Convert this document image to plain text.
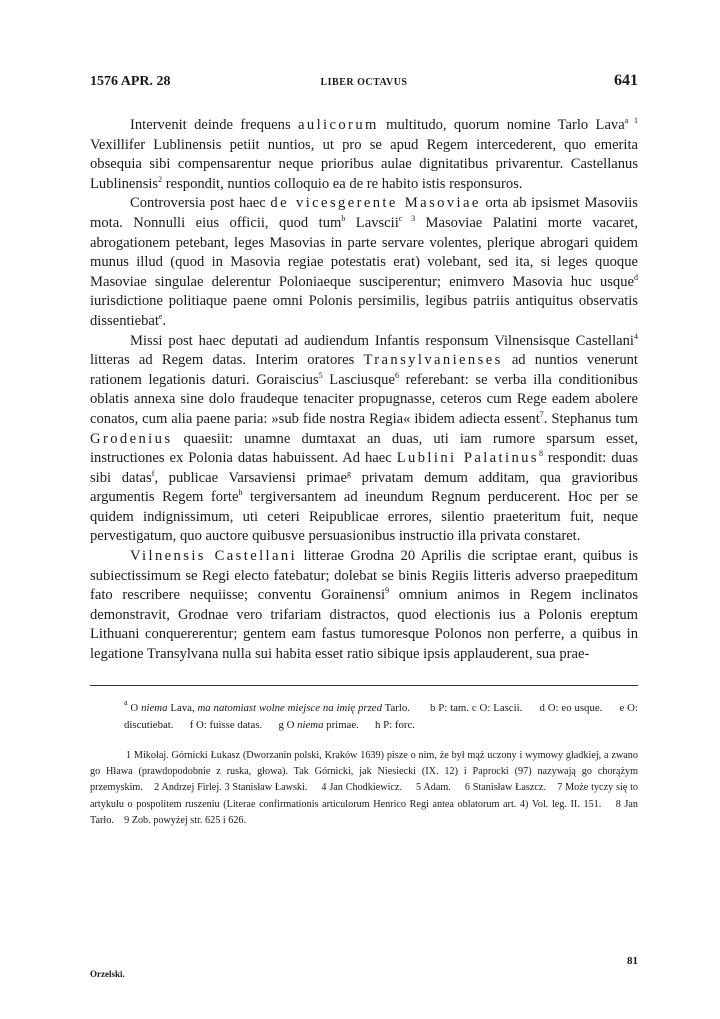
1576 APR. 28	LIBER OCTAVUS	641

Intervenit deinde frequens aulicorum multitudo, quorum nomine Tarlo Lava$^{a 1}$ Vexillifer Lublinensis petiit nuntios, ut pro se apud Regem intercederent, quo emerita obsequia sibi compensarentur neque prioribus aulae dignitatibus privarentur. Castellanus Lublinensis$^2$ respondit, nuntios colloquio ea de re habito istis responsuros.

Controversia post haec de vicesgerente Masoviae orta ab ipsismet Masoviis mota. Nonnulli eius officii, quod tum$^b$ Lavscii$^{c 3}$ Masoviae Palatini morte vacaret, abrogationem petebant, leges Masovias in parte servare volentes, plerique abrogari quidem munus illud (quod in Masovia regiae potestatis erat) volebant, sed ita, si leges quoque Masoviae singulae delerentur Poloniaeque susciperentur; enimvero Masovia huc usque$^d$ iurisdictione politiaque paene omni Polonis persimilis, legibus patriis antiquitus observatis dissentiebat$^e$.

Missi post haec deputati ad audiendum Infantis responsum Vilnensisque Castellani$^4$ litteras ad Regem datas. Interim oratores Transylvanienses ad nuntios venerunt rationem legationis daturi. Goraiscius$^5$ Lasciusque$^6$ referebant: se verba illa conditionibus oblatis annexa sine dolo fraudeque tenaciter propugnasse, ceteros cum Rege eadem abolere conatos, cum alia paene paria: »sub fide nostra Regia« ibidem adiecta essent$^7$. Stephanus tum Grodenius quaesiit: unamne dumtaxat an duas, uti iam rumore sparsum esset, instructiones ex Polonia datas habuissent. Ad haec Lublini Palatinus$^8$ respondit: duas sibi datas$^f$, publicae Varsaviensi primae$^g$ privatam demum additam, qua gravioribus argumentis Regem forte$^h$ tergiversantem ad ineundum Regnum perducerent. Hoc per se quidem indignissimum, uti ceteri Reipublicae errores, silentio praeteritum fuit, neque pervestigatum, quo auctore quibusve persuasionibus instructio illa privata constaret.

Vilnensis Castellani litterae Grodna 20 Aprilis die scriptae erant, quibus is subiectissimum se Regi electo fatebatur; dolebat se binis Regiis litteris adverso praepeditum fato rescribere nequiisse; conventu Gorainensi$^9$ omnium animos in Regem inclinatos demonstravit, Grodnae vero trifariam distractos, quod electionis ius a Polonis ereptum Lithuani conquererentur; gentem eam fastus tumoresque Polonos non perferre, a quibus in legatione Transylvana nulla sui habita esset ratio sibique ipsis applauderent, sua prae-

$^a$ O niema Lava, ma natomiast wolne miejsce na imię przed Tarlo. b P: tam. c O: Lascii. d O: eo usque. e O: discutiebat. f O: fuisse datas. g O niema primae. h P: forc.

1 Mikołaj. Górnicki Łukasz (Dworzanin polski, Kraków 1639) pisze o nim, że był mąż uczony i wymowy gładkiej, a zwano go Hława (prawdopodobnie z ruska, głowa). Tak Górnicki, jak Niesiecki (IX. 12) i Paprocki (97) nazywają go chorążym przemyskim. 2 Andrzej Firlej. 3 Stanisław Ławski. 4 Jan Chodkiewicz. 5 Adam. 6 Stanisław Łaszcz. 7 Może tyczy się to artykułu o pospolitem ruszeniu (Literae confirmationis articulorum Henrico Regi antea oblatorum art. 4) Vol. leg. II. 151. 8 Jan Tarło. 9 Zob. powyżej str. 625 i 626.

81
Orzelski.
